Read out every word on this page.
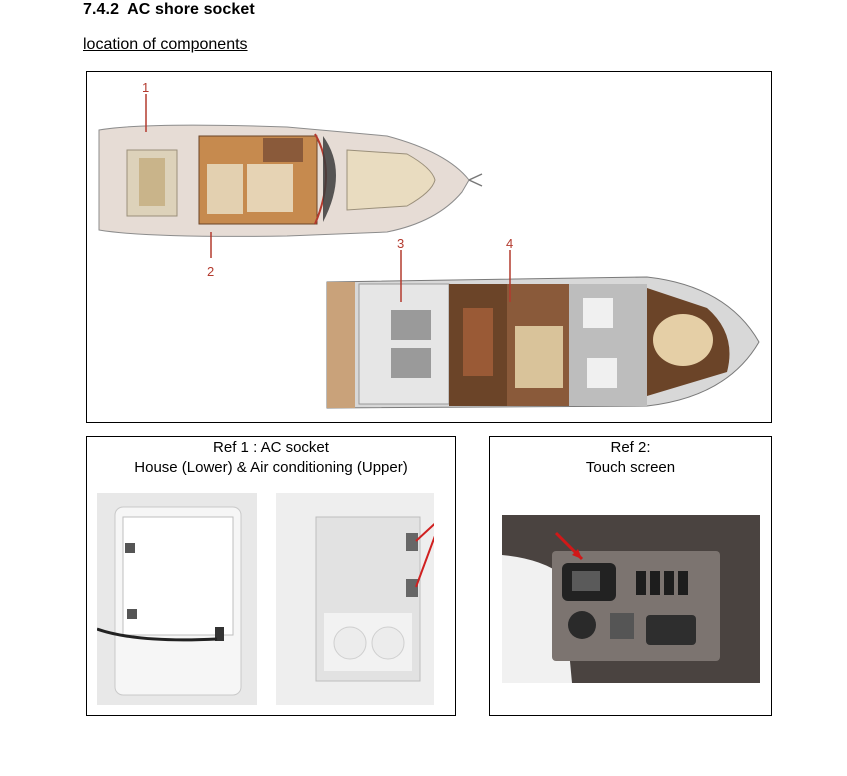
7.4.2 AC shore socket
location of components
1
2
3	4
Ref 1 : AC socket
House (Lower) & Air conditioning (Upper)
Ref 2:
Touch screen
